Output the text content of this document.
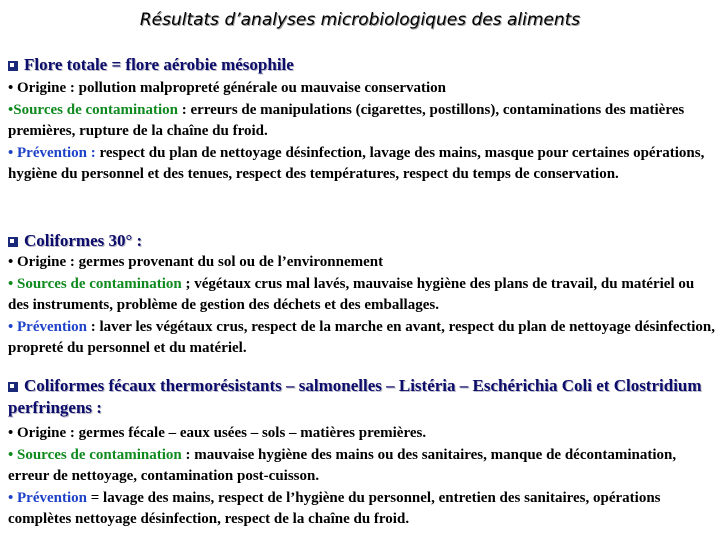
Résultats d’analyses microbiologiques des aliments
Flore totale = flore aérobie mésophile

• Origine : pollution malpropreté générale ou mauvaise conservation

•Sources de contamination : erreurs de manipulations (cigarettes, postillons), contaminations des matières premières, rupture de la chaîne du froid.

• Prévention : respect du plan de nettoyage désinfection, lavage des mains, masque pour certaines opérations, hygiène du personnel et des tenues, respect des températures, respect du temps de conservation.

Coliformes 30° :

• Origine : germes provenant du sol ou de l’environnement

• Sources de contamination ; végétaux crus mal lavés, mauvaise hygiène des plans de travail, du matériel ou des instruments, problème de gestion des déchets et des emballages.

• Prévention : laver les végétaux crus, respect de la marche en avant, respect du plan de nettoyage désinfection, propreté du personnel et du matériel.

Coliformes fécaux thermorésistants – salmonelles – Listéria – Eschérichia Coli et Clostridium perfringens :

• Origine : germes fécale – eaux usées – sols – matières premières.

• Sources de contamination : mauvaise hygiène des mains ou des sanitaires, manque de décontamination, erreur de nettoyage, contamination post-cuisson.

• Prévention = lavage des mains, respect de l’hygiène du personnel, entretien des sanitaires, opérations complètes nettoyage désinfection, respect de la chaîne du froid.
